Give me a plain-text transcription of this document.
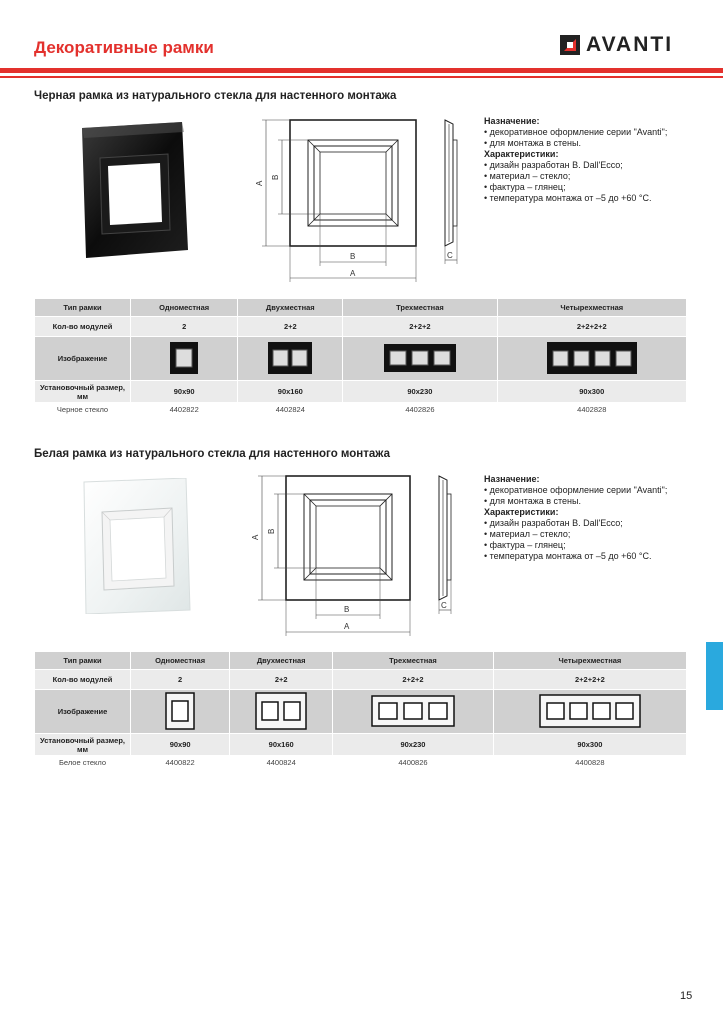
Декоративные рамки	AVANTI
Черная рамка из натурального стекла для настенного монтажа
A
B
B
A
C
Назначение:
• декоративное оформление серии "Avanti";
• для монтажа в стены.
Характеристики:
• дизайн разработан B. Dall'Ecco;
• материал – стекло;
• фактура – глянец;
• температура монтажа от –5 до +60 °С.
Тип рамки	Одноместная	Двухместная	Трехместная	Четырехместная
Кол-во модулей	2	2+2	2+2+2	2+2+2+2
Изображение				
Установочный размер, мм	90x90	90x160	90x230	90x300
Черное стекло	4402822	4402824	4402826	4402828
Белая рамка из натурального стекла для настенного монтажа
A
B
B
A
C
Назначение:
• декоративное оформление серии "Avanti";
• для монтажа в стены.
Характеристики:
• дизайн разработан B. Dall'Ecco;
• материал – стекло;
• фактура – глянец;
• температура монтажа от –5 до +60 °С.
Тип рамки	Одноместная	Двухместная	Трехместная	Четырехместная
Кол-во модулей	2	2+2	2+2+2	2+2+2+2
Изображение				
Установочный размер, мм	90x90	90x160	90x230	90x300
Белое стекло	4400822	4400824	4400826	4400828
15
